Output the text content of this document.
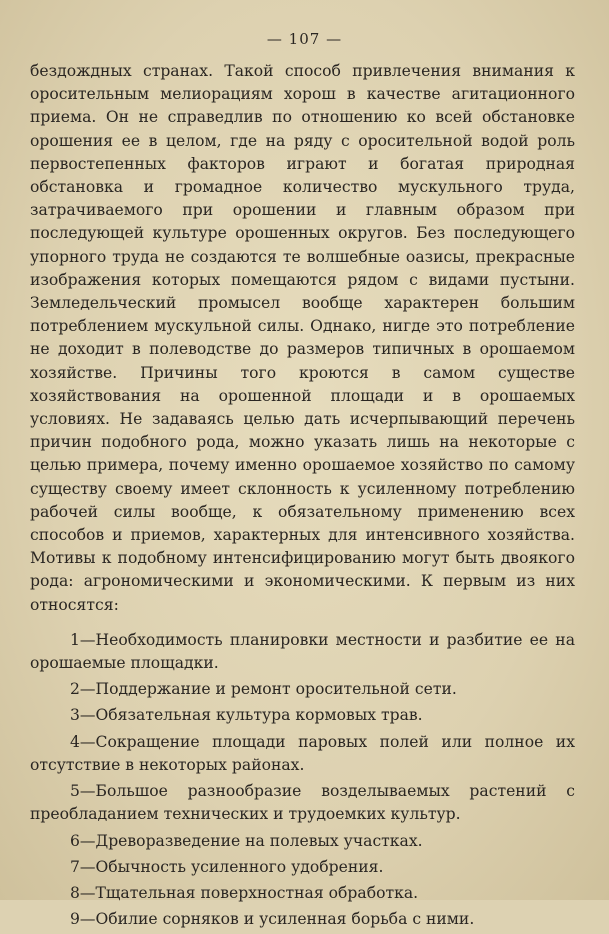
— 107 —

бездождных странах. Такой способ привлечения внимания к оросительным мелиорациям хорош в качестве агитационного приема. Он не справедлив по отношению ко всей обстановке орошения ее в целом, где на ряду с оросительной водой роль первостепенных факторов играют и богатая природная обстановка и громадное количество мускульного труда, затрачиваемого при орошении и главным образом при последующей культуре орошенных округов. Без последующего упорного труда не создаются те волшебные оазисы, прекрасные изображения которых помещаются рядом с видами пустыни. Земледельческий промысел вообще характерен большим потреблением мускульной силы. Однако, нигде это потребление не доходит в полеводстве до размеров типичных в орошаемом хозяйстве. Причины того кроются в самом существе хозяйствования на орошенной площади и в орошаемых условиях. Не задаваясь целью дать исчерпывающий перечень причин подобного рода, можно указать лишь на некоторые с целью примера, почему именно орошаемое хозяйство по самому существу своему имеет склонность к усиленному потреблению рабочей силы вообще, к обязательному применению всех способов и приемов, характерных для интенсивного хозяйства. Мотивы к подобному интенсифицированию могут быть двоякого рода: агрономическими и экономическими. К первым из них относятся:

1—Необходимость планировки местности и разбитие ее на орошаемые площадки.
2—Поддержание и ремонт оросительной сети.
3—Обязательная культура кормовых трав.
4—Сокращение площади паровых полей или полное их отсутствие в некоторых районах.
5—Большое разнообразие возделываемых растений с преобладанием технических и трудоемких культур.
6—Древоразведение на полевых участках.
7—Обычность усиленного удобрения.
8—Тщательная поверхностная обработка.
9—Обилие сорняков и усиленная борьба с ними.
